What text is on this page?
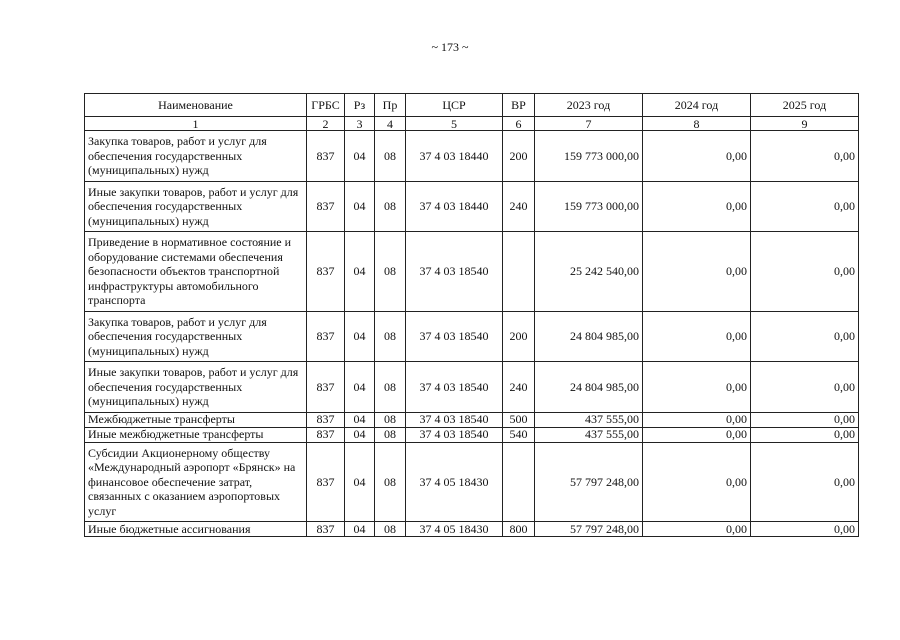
~ 173 ~
Наименование	ГРБС	Рз	Пр	ЦСР	ВР	2023 год	2024 год	2025 год
1	2	3	4	5	6	7	8	9
Закупка товаров, работ и услуг для обеспечения государственных (муниципальных) нужд	837	04	08	37 4 03 18440	200	159 773 000,00	0,00	0,00
Иные закупки товаров, работ и услуг для обеспечения государственных (муниципальных) нужд	837	04	08	37 4 03 18440	240	159 773 000,00	0,00	0,00
Приведение в нормативное состояние и оборудование системами обеспечения безопасности объектов транспортной инфраструктуры автомобильного транспорта	837	04	08	37 4 03 18540		25 242 540,00	0,00	0,00
Закупка товаров, работ и услуг для обеспечения государственных (муниципальных) нужд	837	04	08	37 4 03 18540	200	24 804 985,00	0,00	0,00
Иные закупки товаров, работ и услуг для обеспечения государственных (муниципальных) нужд	837	04	08	37 4 03 18540	240	24 804 985,00	0,00	0,00
Межбюджетные трансферты	837	04	08	37 4 03 18540	500	437 555,00	0,00	0,00
Иные межбюджетные трансферты	837	04	08	37 4 03 18540	540	437 555,00	0,00	0,00
Субсидии Акционерному обществу «Международный аэропорт «Брянск» на финансовое обеспечение затрат, связанных с оказанием аэропортовых услуг	837	04	08	37 4 05 18430		57 797 248,00	0,00	0,00
Иные бюджетные ассигнования	837	04	08	37 4 05 18430	800	57 797 248,00	0,00	0,00
